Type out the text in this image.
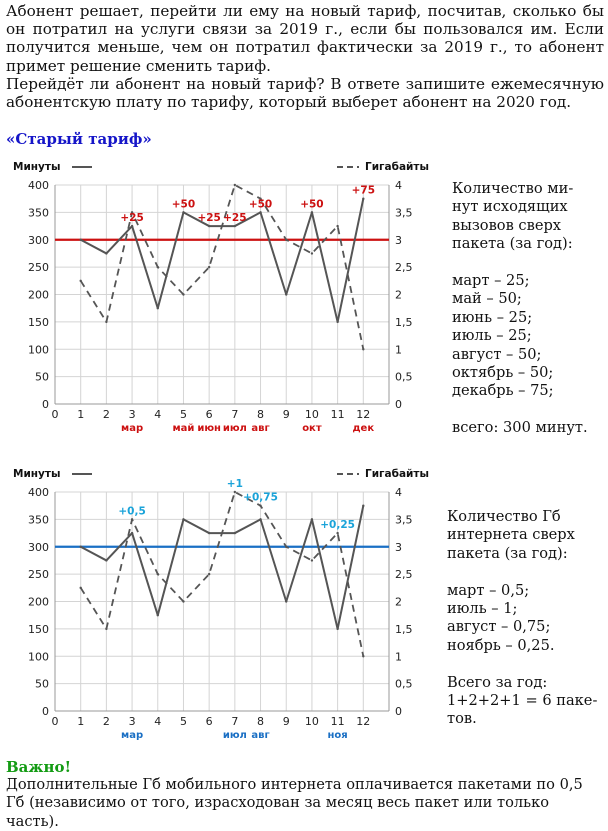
Абонент решает, перейти ли ему на новый тариф, посчитав, сколько бы он потратил на услуги связи за 2019 г., если бы пользовался им. Если получится меньше, чем он потратил фактически за 2019 г., то абонент примет решение сменить тариф.

Перейдёт ли абонент на новый тариф? В ответе запишите ежемесячную абонентскую плату по тарифу, который выберет абонент на 2020 год.

«Старый тариф»
0
50
100
150
200
250
300
350
400
0
0,5
1
1,5
2
2,5
3
3,5
4
0 1 2 3 4 5 6 7 8 9 10 11 12
Минуты	Гигабайты
+25
+50
+25 +25
+50	+50
+75
мар	май июн июл авг	окт	дек
0
50
100
150
200
250
300
350
400
0
0,5
1
1,5
2
2,5
3
3,5
4
0 1 2 3 4 5 6 7 8 9 10 11 12
Минуты	Гигабайты
+0,5
+1
+0,75
+0,25
мар	июл авг	ноя
Количество ми-
нут исходящих
вызовов сверх
пакета (за год):

март – 25;
май – 50;
июнь – 25;
июль – 25;
август – 50;
октябрь – 50;
декабрь – 75;

всего: 300 минут.
Количество Гб
интернета сверх
пакета (за год):

март – 0,5;
июль – 1;
август – 0,75;
ноябрь – 0,25.

Всего за год:
1+2+2+1 = 6 паке-
тов.
Важно!

Дополнительные Гб мобильного интернета оплачивается пакетами по 0,5 Гб (независимо от того, израсходован за месяц весь пакет или только часть).
